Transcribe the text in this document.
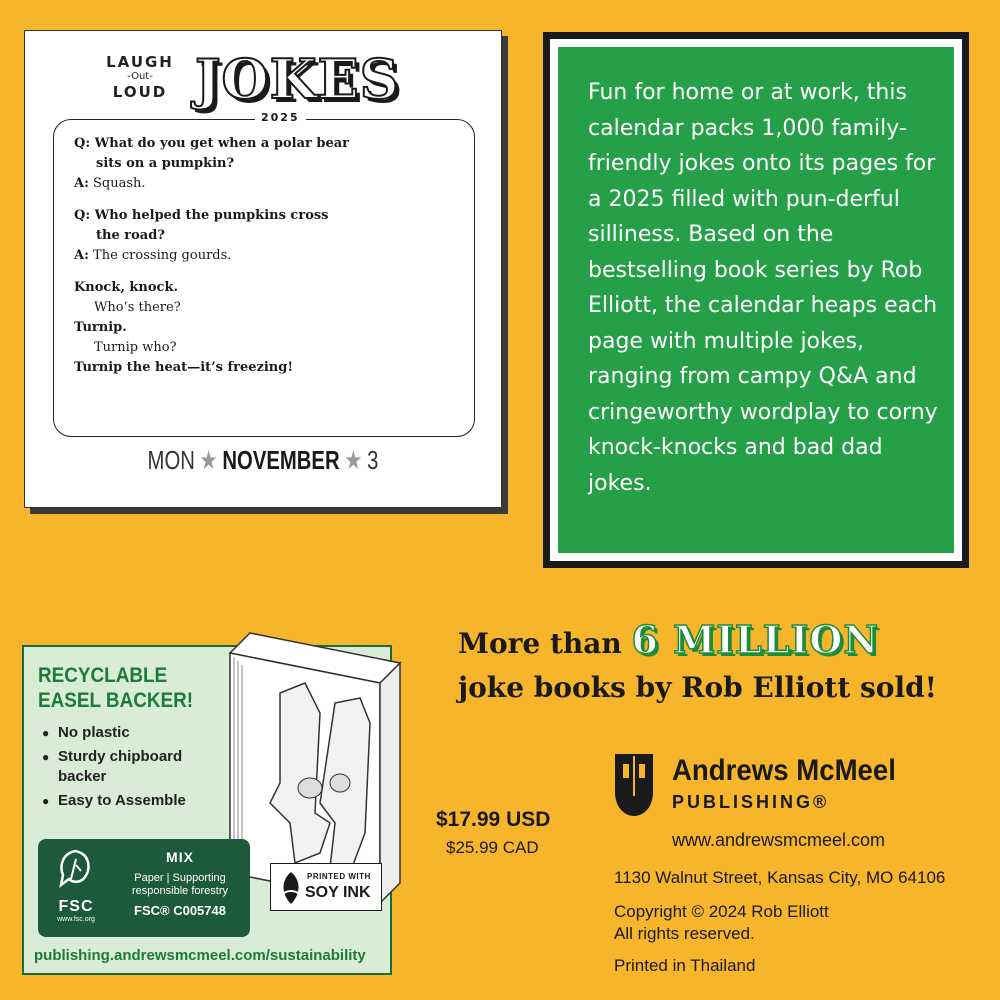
LAUGH
-Out-
LOUD JOKES
2025
Q: What do you get when a polar bear
sits on a pumpkin?
A: Squash.
Q: Who helped the pumpkins cross
the road?
A: The crossing gourds.
Knock, knock.
Who’s there?
Turnip.
Turnip who?
Turnip the heat—it’s freezing!
MON ★ NOVEMBER ★ 3
Fun for home or at work, this calendar packs 1,000 family-friendly jokes onto its pages for a 2025 filled with pun-derful silliness. Based on the bestselling book series by Rob Elliott, the calendar heaps each page with multiple jokes, ranging from campy Q&A and cringeworthy wordplay to corny knock-knocks and bad dad jokes.
More than 6 MILLION
joke books by Rob Elliott sold!
RECYCLABLE
EASEL BACKER!
● No plastic
● Sturdy chipboard backer
● Easy to Assemble
FSC
www.fsc.org
MIX
Paper | Supporting
responsible forestry
FSC® C005748
PRINTED WITH
SOY INK
publishing.andrewsmcmeel.com/sustainability
$17.99 USD
$25.99 CAD
Andrews McMeel
PUBLISHING®
www.andrewsmcmeel.com
1130 Walnut Street, Kansas City, MO 64106
Copyright © 2024 Rob Elliott
All rights reserved.
Printed in Thailand
